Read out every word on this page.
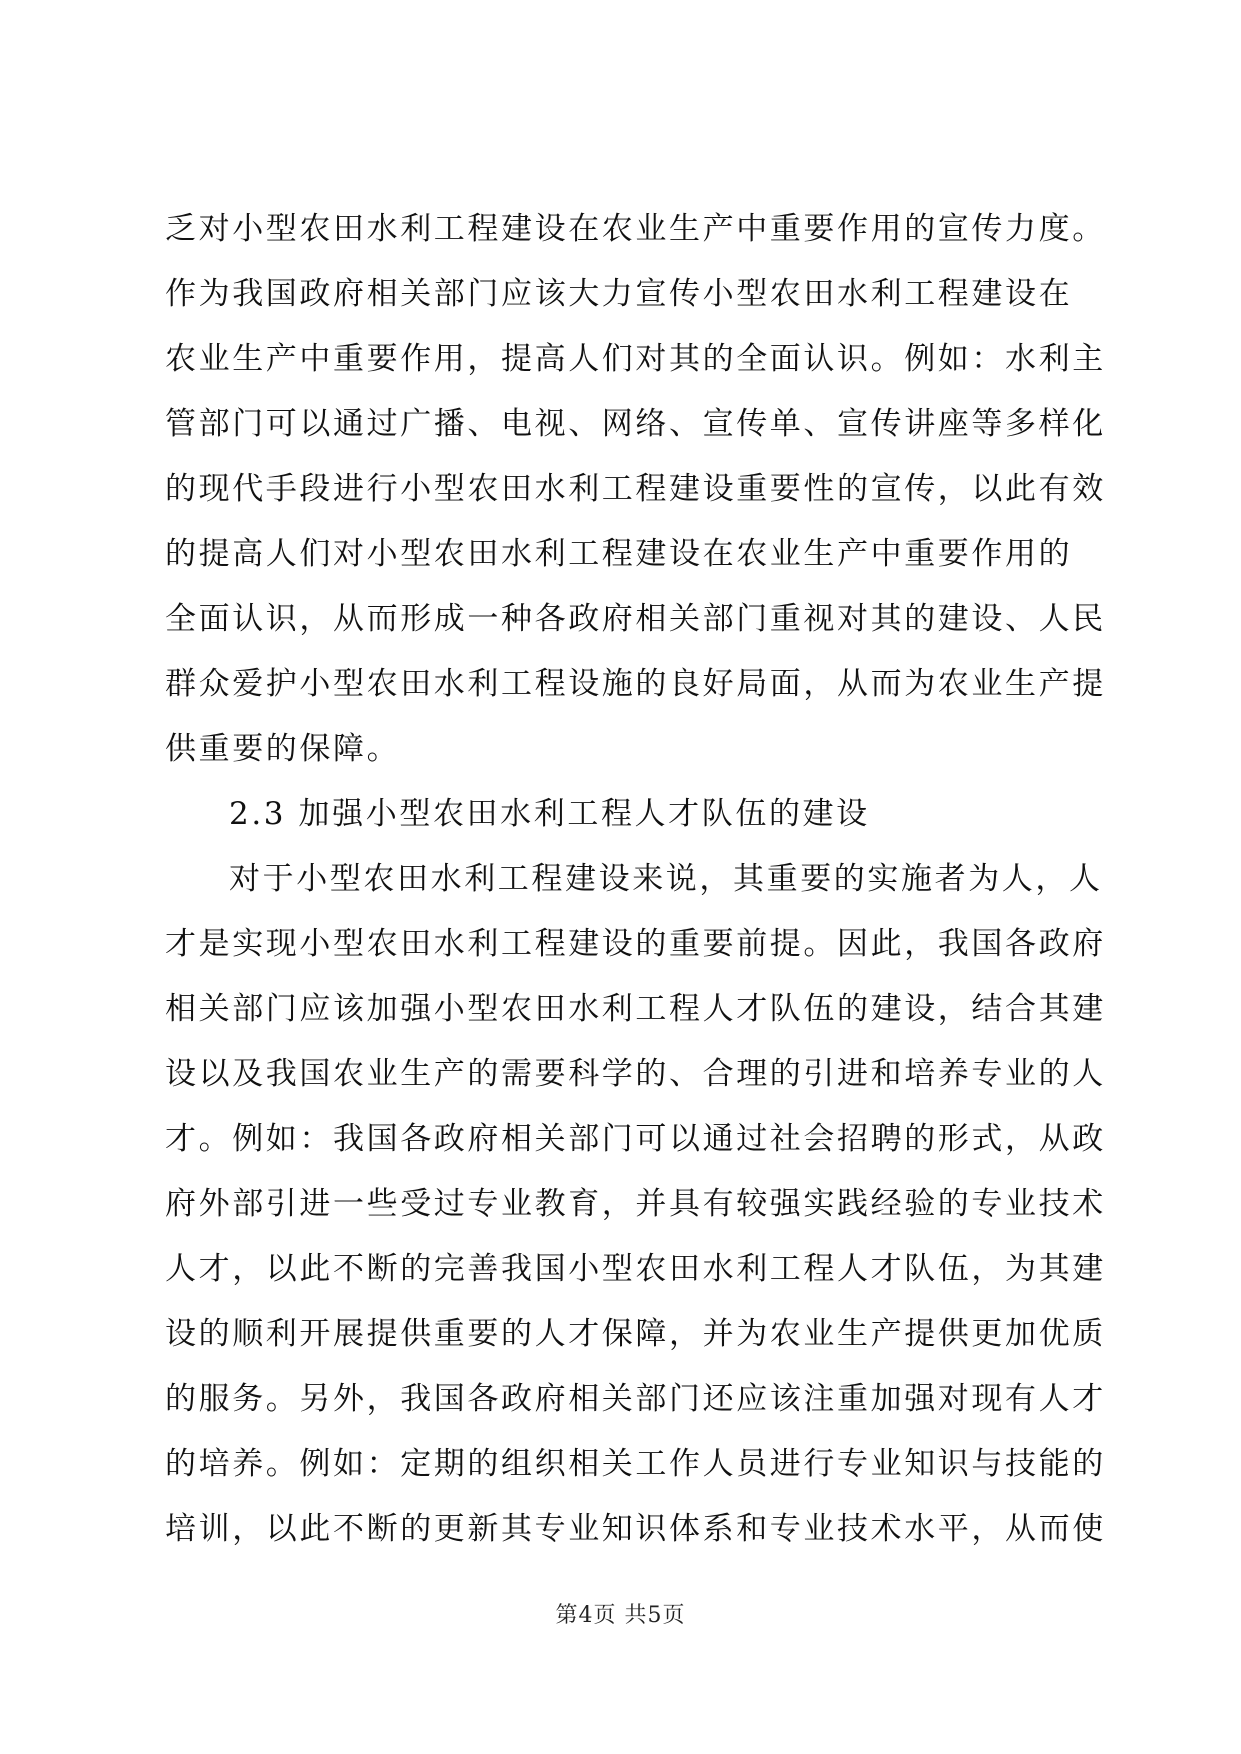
乏对小型农田水利工程建设在农业生产中重要作用的宣传力度。
作为我国政府相关部门应该大力宣传小型农田水利工程建设在
农业生产中重要作用，提高人们对其的全面认识。例如：水利主
管部门可以通过广播、电视、网络、宣传单、宣传讲座等多样化
的现代手段进行小型农田水利工程建设重要性的宣传，以此有效
的提高人们对小型农田水利工程建设在农业生产中重要作用的
全面认识，从而形成一种各政府相关部门重视对其的建设、人民
群众爱护小型农田水利工程设施的良好局面，从而为农业生产提
供重要的保障。
2.3 加强小型农田水利工程人才队伍的建设
对于小型农田水利工程建设来说，其重要的实施者为人，人
才是实现小型农田水利工程建设的重要前提。因此，我国各政府
相关部门应该加强小型农田水利工程人才队伍的建设，结合其建
设以及我国农业生产的需要科学的、合理的引进和培养专业的人
才。例如：我国各政府相关部门可以通过社会招聘的形式，从政
府外部引进一些受过专业教育，并具有较强实践经验的专业技术
人才，以此不断的完善我国小型农田水利工程人才队伍，为其建
设的顺利开展提供重要的人才保障，并为农业生产提供更加优质
的服务。另外，我国各政府相关部门还应该注重加强对现有人才
的培养。例如：定期的组织相关工作人员进行专业知识与技能的
培训，以此不断的更新其专业知识体系和专业技术水平，从而使
第4页 共5页
